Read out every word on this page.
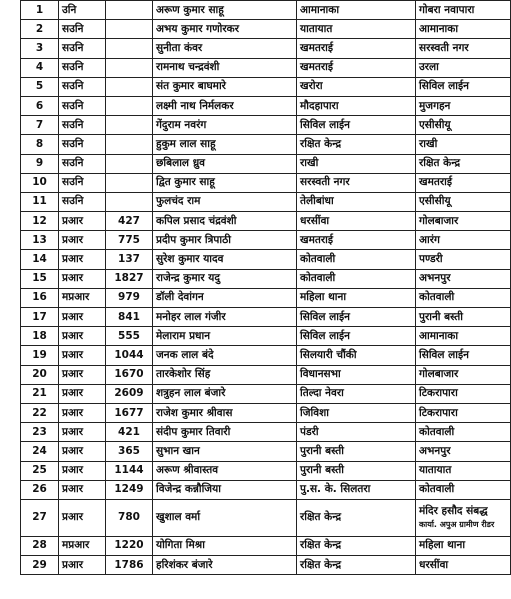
1	उनि		अरूण कुमार साहू	आमानाका	गोबरा नवापारा
2	सउनि		अभय कुमार गणोरकर	यातायात	आमानाका
3	सउनि		सुनीता कंवर	खमतराई	सरस्वती नगर
4	सउनि		रामनाथ चन्द्रवंशी	खमतराई	उरला
5	सउनि		संत कुमार बाघमारे	खरोरा	सिविल लाईन
6	सउनि		लक्ष्मी नाथ निर्मलकर	मौदहापारा	मुजगहन
7	सउनि		गेंदुराम नवरंग	सिविल लाईन	एसीसीयू
8	सउनि		हुकुम लाल साहू	रक्षित केन्द्र	राखी
9	सउनि		छबिलाल ध्रुव	राखी	रक्षित केन्द्र
10	सउनि		द्वित कुमार साहू	सरस्वती नगर	खमतराई
11	सउनि		फुलचंद राम	तेलीबांधा	एसीसीयू
12	प्रआर	427	कपिल प्रसाद चंद्रवंशी	धरसींवा	गोलबाजार
13	प्रआर	775	प्रदीप कुमार त्रिपाठी	खमतराई	आरंग
14	प्रआर	137	सुरेश कुमार यादव	कोतवाली	पण्डरी
15	प्रआर	1827	राजेन्द्र कुमार यदु	कोतवाली	अभनपुर
16	मप्रआर	979	डॉली देवांगन	महिला थाना	कोतवाली
17	प्रआर	841	मनोहर लाल गंजीर	सिविल लाईन	पुरानी बस्ती
18	प्रआर	555	मेलाराम प्रधान	सिविल लाईन	आमानाका
19	प्रआर	1044	जनक लाल बंदे	सिलयारी चौंकी	सिविल लाईन
20	प्रआर	1670	तारकेशोर सिंह	विधानसभा	गोलबाजार
21	प्रआर	2609	शत्रुहन लाल बंजारे	तिल्दा नेवरा	टिकरापारा
22	प्रआर	1677	राजेश कुमार श्रीवास	जिविशा	टिकरापारा
23	प्रआर	421	संदीप कुमार तिवारी	पंडरी	कोतवाली
24	प्रआर	365	सुभान खान	पुरानी बस्ती	अभनपुर
25	प्रआर	1144	अरूण श्रीवास्तव	पुरानी बस्ती	यातायात
26	प्रआर	1249	विजेन्द्र कन्नौजिया	पु.स. के. सिलतरा	कोतवाली
27	प्रआर	780	खुशाल वर्मा	रक्षित केन्द्र	मंदिर हसौद संबद्ध
कार्या. अपुअ ग्रामीण रीडर

28	मप्रआर	1220	योगिता मिश्रा	रक्षित केन्द्र	महिला थाना
29	प्रआर	1786	हरिशंकर बंजारे	रक्षित केन्द्र	धरसींवा
